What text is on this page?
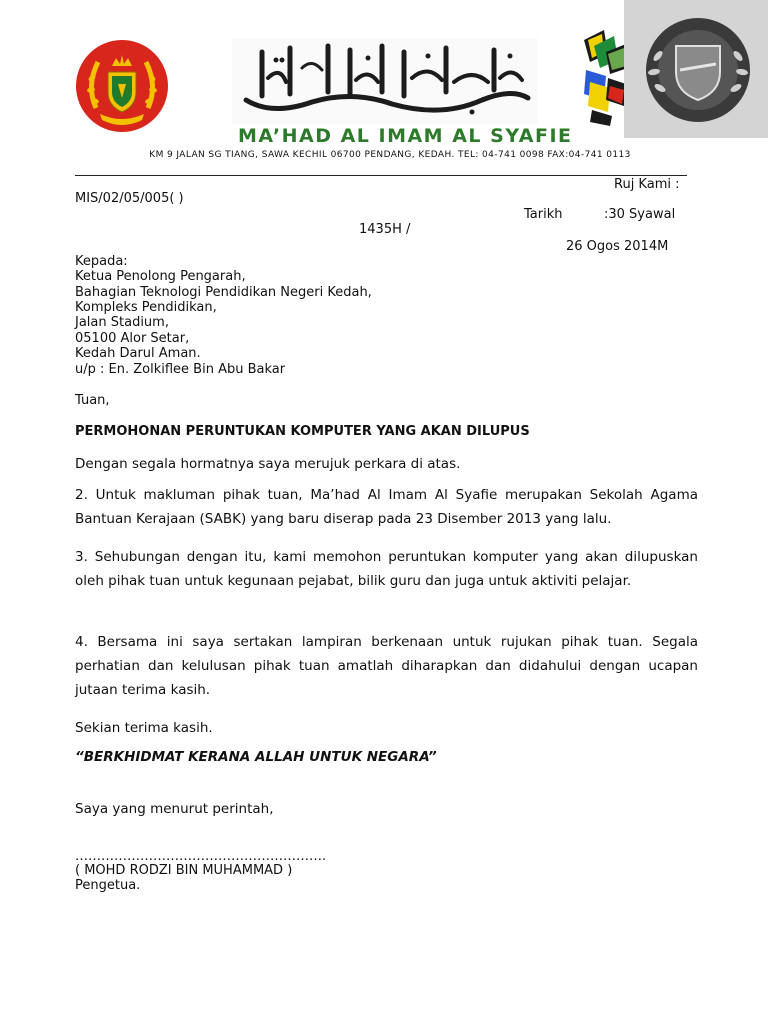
معهد الإمام الشافعي
MA’HAD AL IMAM AL SYAFIE
KM 9 JALAN SG TIANG, SAWA KECHIL 06700 PENDANG, KEDAH. TEL: 04-741 0098 FAX:04-741 0113
Ruj Kami :
MIS/02/05/005( )
Tarikh	:30 Syawal
1435H /
26 Ogos 2014M
Kepada:
Ketua Penolong Pengarah,
Bahagian Teknologi Pendidikan Negeri Kedah,
Kompleks Pendidikan,
Jalan Stadium,
05100 Alor Setar,
Kedah Darul Aman.
u/p : En. Zolkiflee Bin Abu Bakar
Tuan,
PERMOHONAN PERUNTUKAN KOMPUTER YANG AKAN DILUPUS
Dengan segala hormatnya saya merujuk perkara di atas.
2. Untuk makluman pihak tuan, Ma’had Al Imam Al Syafie merupakan Sekolah Agama Bantuan Kerajaan (SABK) yang baru diserap pada 23 Disember 2013 yang lalu.
3. Sehubungan dengan itu, kami memohon peruntukan komputer yang akan dilupuskan oleh pihak tuan untuk kegunaan pejabat, bilik guru dan juga untuk aktiviti pelajar.
4. Bersama ini saya sertakan lampiran berkenaan untuk rujukan pihak tuan. Segala perhatian dan kelulusan pihak tuan amatlah diharapkan dan didahului dengan ucapan jutaan terima kasih.
Sekian terima kasih.
“BERKHIDMAT KERANA ALLAH UNTUK NEGARA”
Saya yang menurut perintah,
………………………………………………….
( MOHD RODZI BIN MUHAMMAD )
Pengetua.
